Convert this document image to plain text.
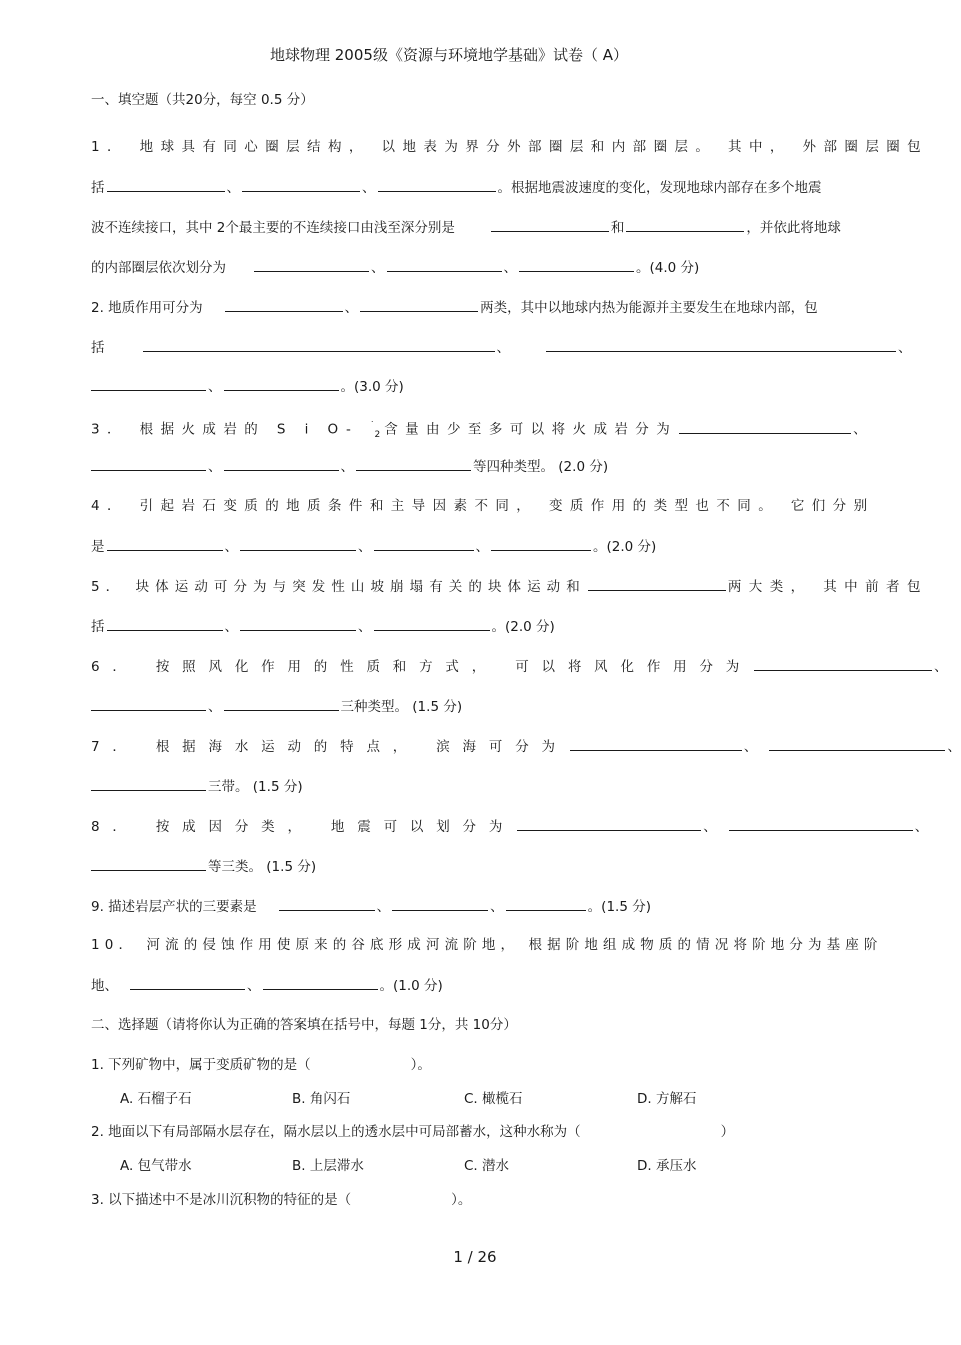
地球物理 2005级《资源与环境地学基础》试卷（ A）
一、填空题（共20分，每空 0.5 分）
1． 地球具有同心圈层结构， 以地表为界分外部圈层和内部圈层。 其中， 外部圈层圈包
括	、	、	。根据地震波速度的变化，发现地球内部存在多个地震
波不连续接口，其中 2个最主要的不连续接口由浅至深分别是	和	，并依此将地球
的内部圈层依次划分为	、	、	。(4.0 分)
2. 地质作用可分为	、	两类，其中以地球内热为能源并主要发生在地球内部，包
括	、	、
、	。(3.0 分)
3． 根据火成岩的 S i O- ˙$_2$ 含量由少至多可以将火成岩分为	、
、	、	等四种类型。 (2.0 分)
4． 引起岩石变质的地质条件和主导因素不同， 变质作用的类型也不同。 它们分别
是	、	、	、	。(2.0 分)
5． 块体运动可分为与突发性山坡崩塌有关的块体运动和	两大类， 其中前者包
括	、	、	。(2.0 分)
6． 按照风化作用的性质和方式， 可以将风化作用分为	、
、	三种类型。 (1.5 分)
7． 根据海水运动的特点， 滨海可分为	、	、
三带。 (1.5 分)
8． 按成因分类， 地震可以划分为	、	、
等三类。 (1.5 分)
9. 描述岩层产状的三要素是	、	、	。(1.5 分)
10． 河流的侵蚀作用使原来的谷底形成河流阶地， 根据阶地组成物质的情况将阶地分为基座阶
地、	、	。(1.0 分)
二、选择题（请将你认为正确的答案填在括号中，每题 1分，共 10分）
1. 下列矿物中，属于变质矿物的是（	）。
A. 石榴子石	B. 角闪石	C. 橄榄石	D. 方解石
2. 地面以下有局部隔水层存在，隔水层以上的透水层中可局部蓄水，这种水称为（	）
A. 包气带水	B. 上层滞水	C. 潜水	D. 承压水
3. 以下描述中不是冰川沉积物的特征的是（	）。
1 / 26
